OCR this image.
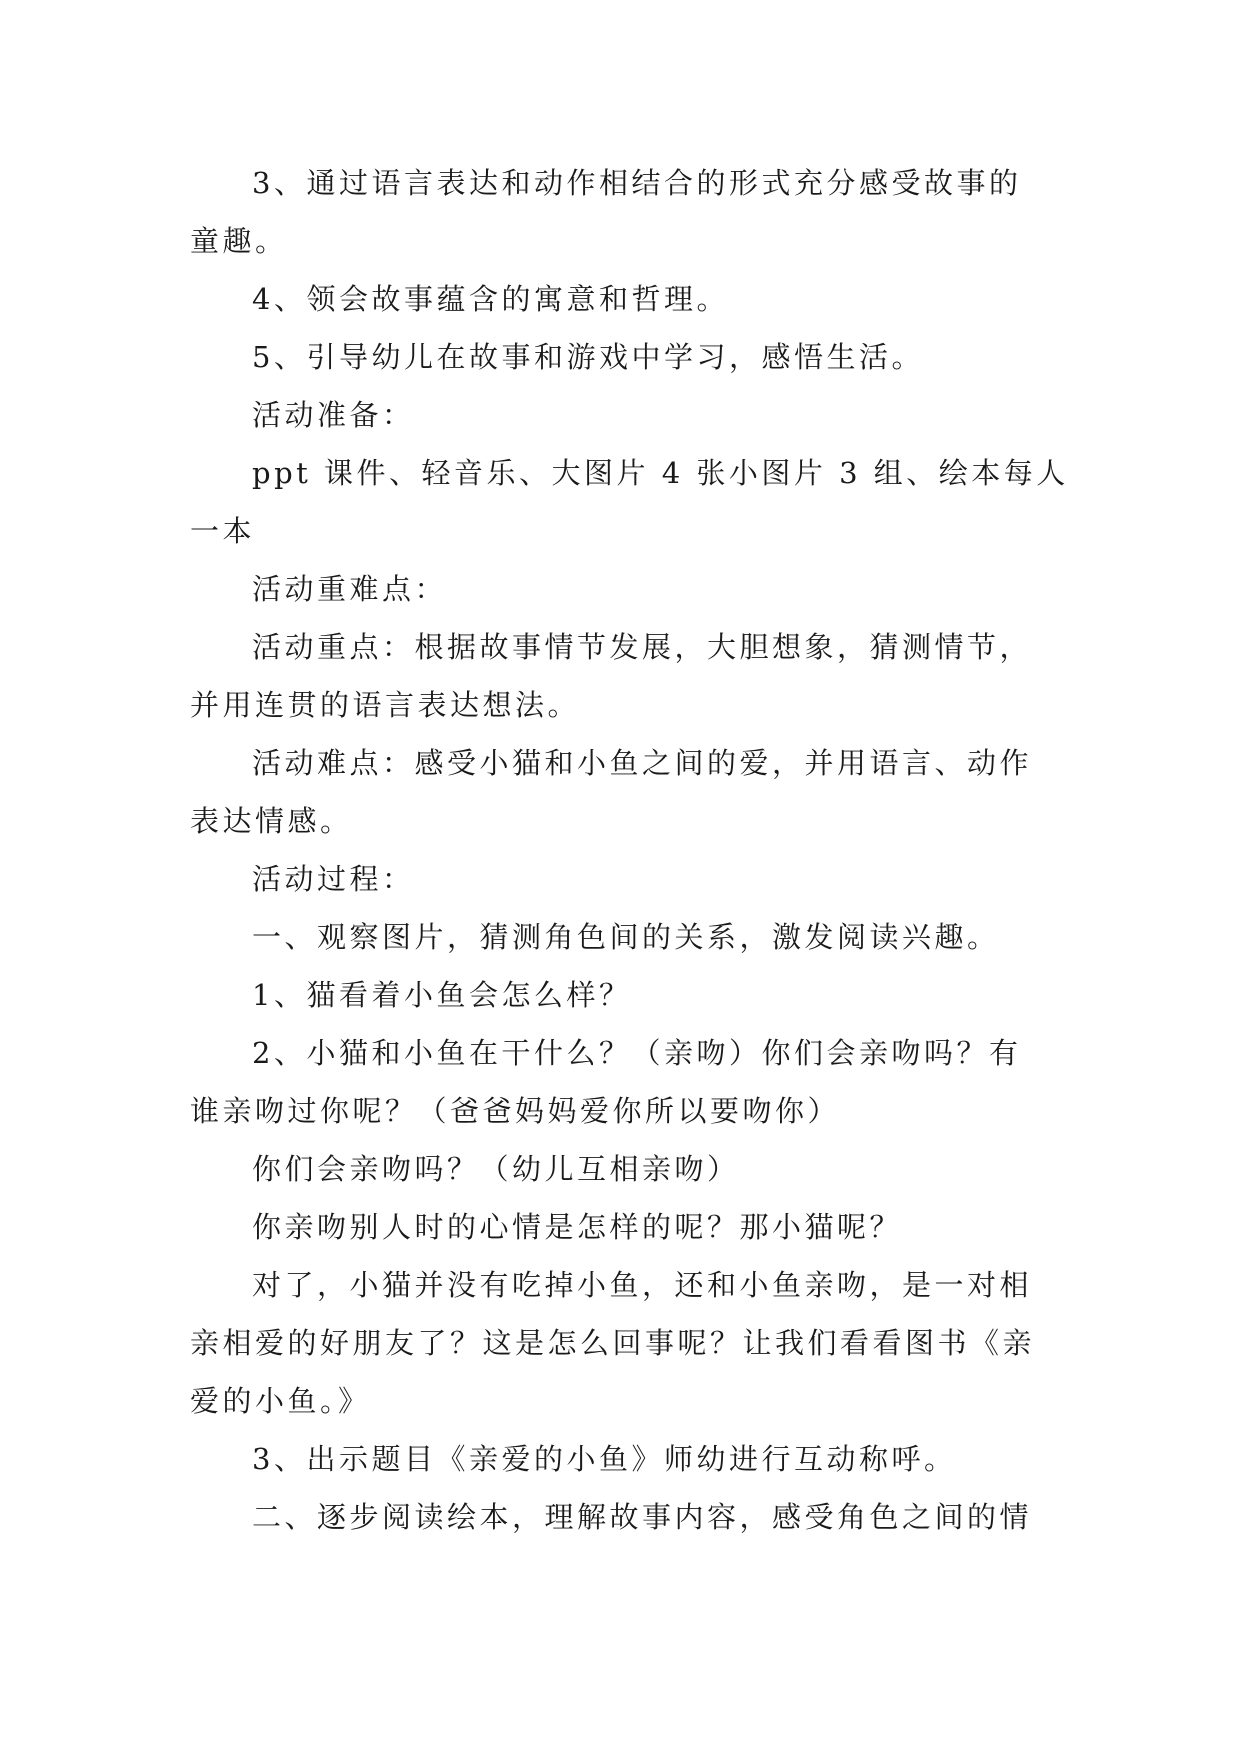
3、通过语言表达和动作相结合的形式充分感受故事的
童趣。
4、领会故事蕴含的寓意和哲理。
5、引导幼儿在故事和游戏中学习，感悟生活。
活动准备：
ppt 课件、轻音乐、大图片 4 张小图片 3 组、绘本每人
一本
活动重难点：
活动重点：根据故事情节发展，大胆想象，猜测情节，
并用连贯的语言表达想法。
活动难点：感受小猫和小鱼之间的爱，并用语言、动作
表达情感。
活动过程：
一、观察图片，猜测角色间的关系，激发阅读兴趣。
1、猫看着小鱼会怎么样？
2、小猫和小鱼在干什么？（亲吻）你们会亲吻吗？有
谁亲吻过你呢？（爸爸妈妈爱你所以要吻你）
你们会亲吻吗？（幼儿互相亲吻）
你亲吻别人时的心情是怎样的呢？那小猫呢？
对了，小猫并没有吃掉小鱼，还和小鱼亲吻，是一对相
亲相爱的好朋友了？这是怎么回事呢？让我们看看图书《亲
爱的小鱼。》
3、出示题目《亲爱的小鱼》师幼进行互动称呼。
二、逐步阅读绘本，理解故事内容，感受角色之间的情
